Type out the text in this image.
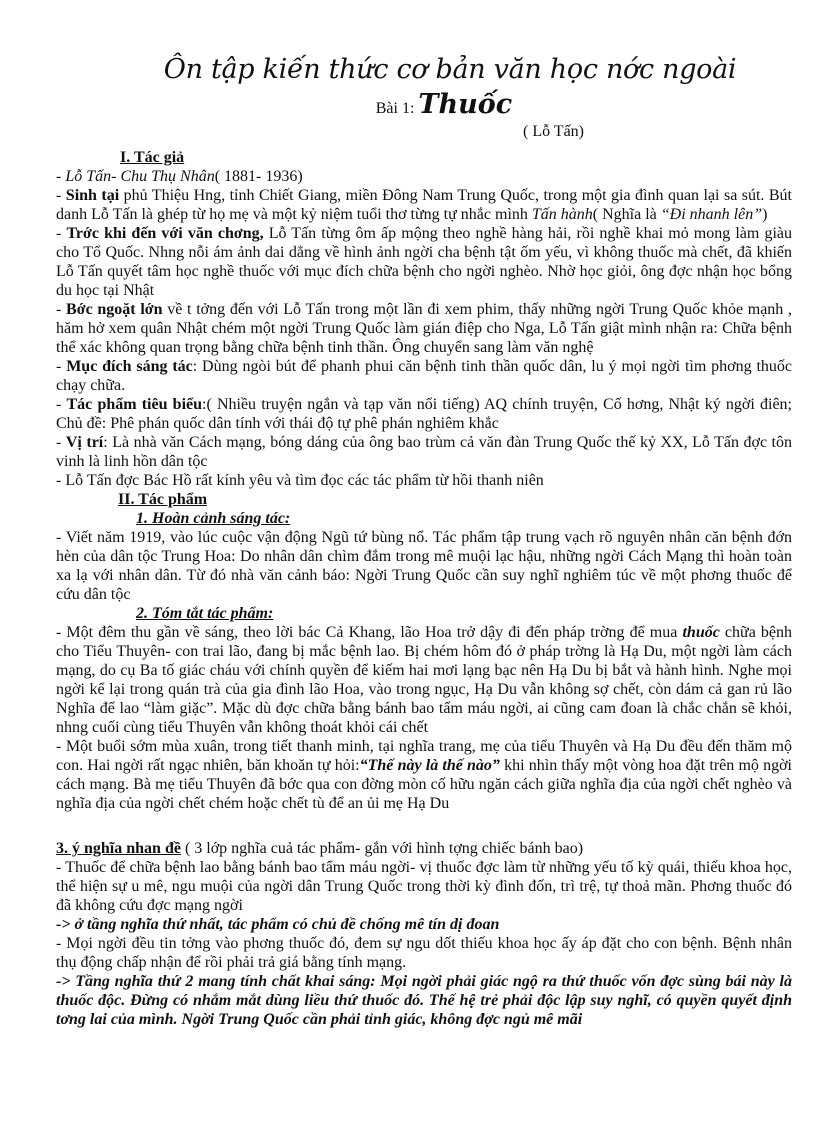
Ôn tập kiến thức cơ bản văn học nớc ngoài
Bài 1: Thuốc
( Lỗ Tấn)
I. Tác giả

- Lỗ Tấn- Chu Thụ Nhân( 1881- 1936)

- Sinh tại phủ Thiệu Hng, tỉnh Chiết Giang, miền Đông Nam Trung Quốc, trong một gia đình quan lại sa sút. Bút danh Lỗ Tấn là ghép từ họ mẹ và một kỷ niệm tuổi thơ từng tự nhắc mình Tấn hành( Nghĩa là “Đi nhanh lên”)

- Trớc khi đến với văn chơng, Lỗ Tấn từng ôm ấp mộng theo nghề hàng hải, rồi nghề khai mỏ mong làm giàu cho Tổ Quốc. Nhng nỗi ám ảnh dai dẳng về hình ảnh ngời cha bệnh tật ốm yếu, vì không thuốc mà chết, đã khiến Lỗ Tấn quyết tâm học nghề thuốc với mục đích chữa bệnh cho ngời nghèo. Nhờ học giỏi, ông đợc nhận học bổng du học tại Nhật

- Bớc ngoặt lớn về t tởng đến với Lỗ Tấn trong một lần đi xem phim, thấy những ngời Trung Quốc khỏe mạnh , hăm hở xem quân Nhật chém một ngời Trung Quốc làm gián điệp cho Nga, Lỗ Tấn giật mình nhận ra: Chữa bệnh thể xác không quan trọng bằng chữa bệnh tinh thần. Ông chuyển sang làm văn nghệ

- Mục đích sáng tác: Dùng ngòi bút để phanh phui căn bệnh tinh thần quốc dân, lu ý mọi ngời tìm phơng thuốc chạy chữa.

- Tác phẩm tiêu biểu:( Nhiều truyện ngắn và tạp văn nổi tiếng) AQ chính truyện, Cố hơng, Nhật ký ngời điên; Chủ đề: Phê phán quốc dân tính với thái độ tự phê phán nghiêm khắc

- Vị trí: Là nhà văn Cách mạng, bóng dáng của ông bao trùm cả văn đàn Trung Quốc thế kỷ XX, Lỗ Tấn đợc tôn vinh là linh hồn dân tộc

- Lỗ Tấn đợc Bác Hồ rất kính yêu và tìm đọc các tác phẩm từ hồi thanh niên

II. Tác phẩm
1. Hoàn cảnh sáng tác:

- Viết năm 1919, vào lúc cuộc vận động Ngũ tứ bùng nổ. Tác phẩm tập trung vạch rõ nguyên nhân căn bệnh đớn hèn của dân tộc Trung Hoa: Do nhân dân chìm đắm trong mê muội lạc hậu, những ngời Cách Mạng thì hoàn toàn xa lạ với nhân dân. Từ đó nhà văn cảnh báo: Ngời Trung Quốc cần suy nghĩ nghiêm túc về một phơng thuốc để cứu dân tộc

2. Tóm tắt tác phẩm:

- Một đêm thu gần về sáng, theo lời bác Cả Khang, lão Hoa trở dậy đi đến pháp trờng để mua thuốc chữa bệnh cho Tiểu Thuyên- con trai lão, đang bị mắc bệnh lao. Bị chém hôm đó ở pháp trờng là Hạ Du, một ngời làm cách mạng, do cụ Ba tố giác cháu với chính quyền để kiếm hai mơi lạng bạc nên Hạ Du bị bắt và hành hình. Nghe mọi ngời kể lại trong quán trà của gia đình lão Hoa, vào trong ngục, Hạ Du vẫn không sợ chết, còn dám cả gan rủ lão Nghĩa để lao “làm giặc”. Mặc dù đợc chữa bằng bánh bao tẩm máu ngời, ai cũng cam đoan là chắc chắn sẽ khỏi, nhng cuối cùng tiểu Thuyên vẫn không thoát khỏi cái chết

- Một buổi sớm mùa xuân, trong tiết thanh minh, tại nghĩa trang, mẹ của tiểu Thuyên và Hạ Du đều đến thăm mộ con. Hai ngời rất ngạc nhiên, băn khoăn tự hỏi:“Thế này là thế nào” khi nhìn thấy một vòng hoa đặt trên mộ ngời cách mạng. Bà mẹ tiểu Thuyên đã bớc qua con đờng mòn cố hữu ngăn cách giữa nghĩa địa của ngời chết nghèo và nghĩa địa của ngời chết chém hoặc chết tù để an ủi mẹ Hạ Du

3. ý nghĩa nhan đề ( 3 lớp nghĩa cuả tác phẩm- gắn với hình tợng chiếc bánh bao)

- Thuốc để chữa bệnh lao bằng bánh bao tẩm máu ngời- vị thuốc đợc làm từ những yếu tố kỳ quái, thiếu khoa học, thể hiện sự u mê, ngu muội của ngời dân Trung Quốc trong thời kỳ đình đốn, trì trệ, tự thoả mãn. Phơng thuốc đó đã không cứu đợc mạng ngời

-> ở tầng nghĩa thứ nhất, tác phẩm có chủ đề chống mê tín dị đoan

- Mọi ngời đều tin tởng vào phơng thuốc đó, đem sự ngu dốt thiếu khoa học ấy áp đặt cho con bệnh. Bệnh nhân thụ động chấp nhận để rồi phải trả giá bằng tính mạng.

-> Tầng nghĩa thứ 2 mang tính chất khai sáng: Mọi ngời phải giác ngộ ra thứ thuốc vốn đợc sùng bái này là thuốc độc. Đừng có nhắm mắt dùng liều thứ thuốc đó. Thế hệ trẻ phải độc lập suy nghĩ, có quyền quyết định tơng lai của mình. Ngời Trung Quốc cần phải tỉnh giác, không đợc ngủ mê mãi
